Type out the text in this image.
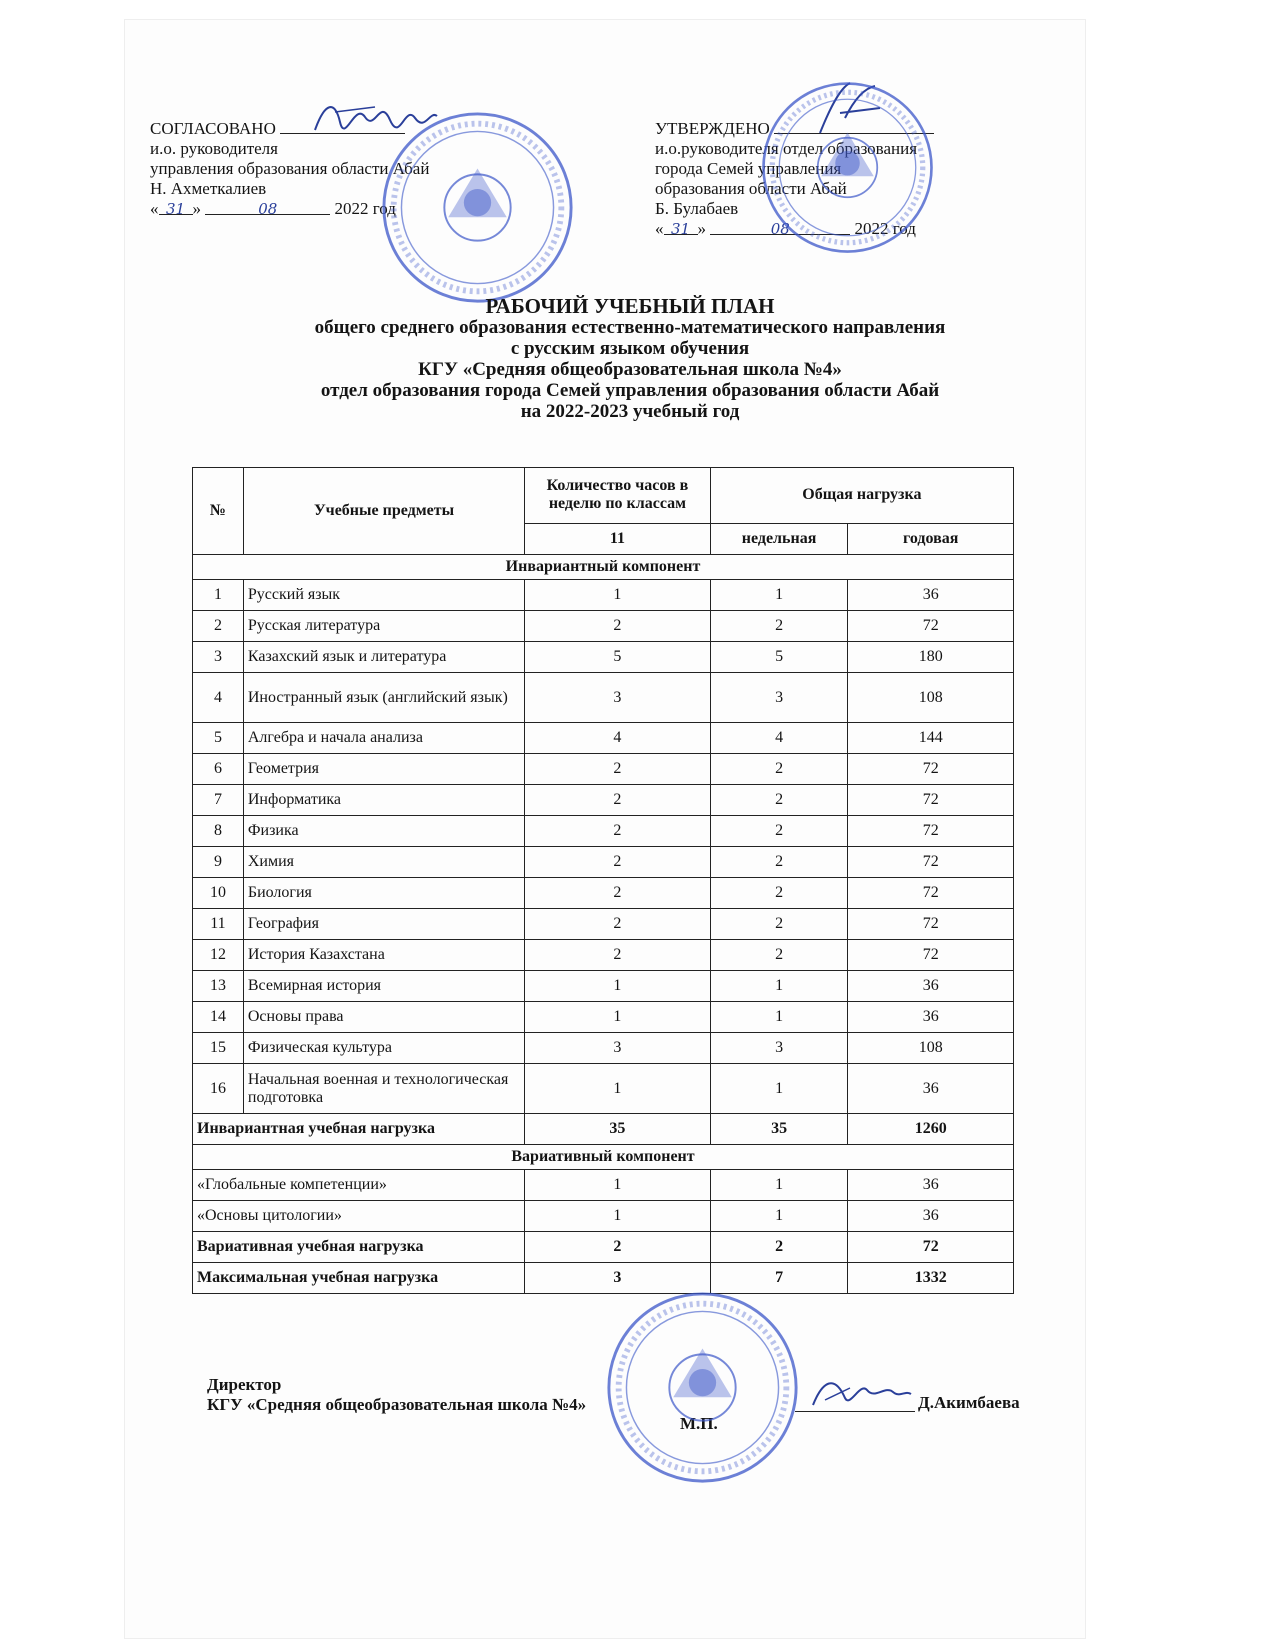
СОГЛАСОВАНО
и.о. руководителя
управления образования области Абай
Н. Ахметкалиев
« 31 »	08	2022 год
УТВЕРЖДЕНО
и.о.руководителя отдел образования
города Семей управления
образования области Абай
Б. Булабаев
« 31 »	08	2022 год
РАБОЧИЙ УЧЕБНЫЙ ПЛАН
общего среднего образования естественно-математического направления
с русским языком обучения
КГУ «Средняя общеобразовательная школа №4»
отдел образования города Семей управления образования области Абай
на 2022-2023 учебный год
№	Учебные предметы	Количество часов в неделю по классам	Общая нагрузка	
		11	недельная	годовая
Инвариантный компонент				
1	Русский язык	1	1	36
2	Русская литература	2	2	72
3	Казахский язык и литература	5	5	180
4	Иностранный язык (английский язык)	3	3	108
5	Алгебра и начала анализа	4	4	144
6	Геометрия	2	2	72
7	Информатика	2	2	72
8	Физика	2	2	72
9	Химия	2	2	72
10	Биология	2	2	72
11	География	2	2	72
12	История Казахстана	2	2	72
13	Всемирная история	1	1	36
14	Основы права	1	1	36
15	Физическая культура	3	3	108
16	Начальная военная и технологическая подготовка	1	1	36
Инвариантная учебная нагрузка		35	35	1260
Вариативный компонент				
«Глобальные компетенции»		1	1	36
«Основы цитологии»		1	1	36
Вариативная учебная нагрузка		2	2	72
Максимальная учебная нагрузка		3	7	1332
Директор
КГУ «Средняя общеобразовательная школа №4»	Д.Акимбаева
М.П.
